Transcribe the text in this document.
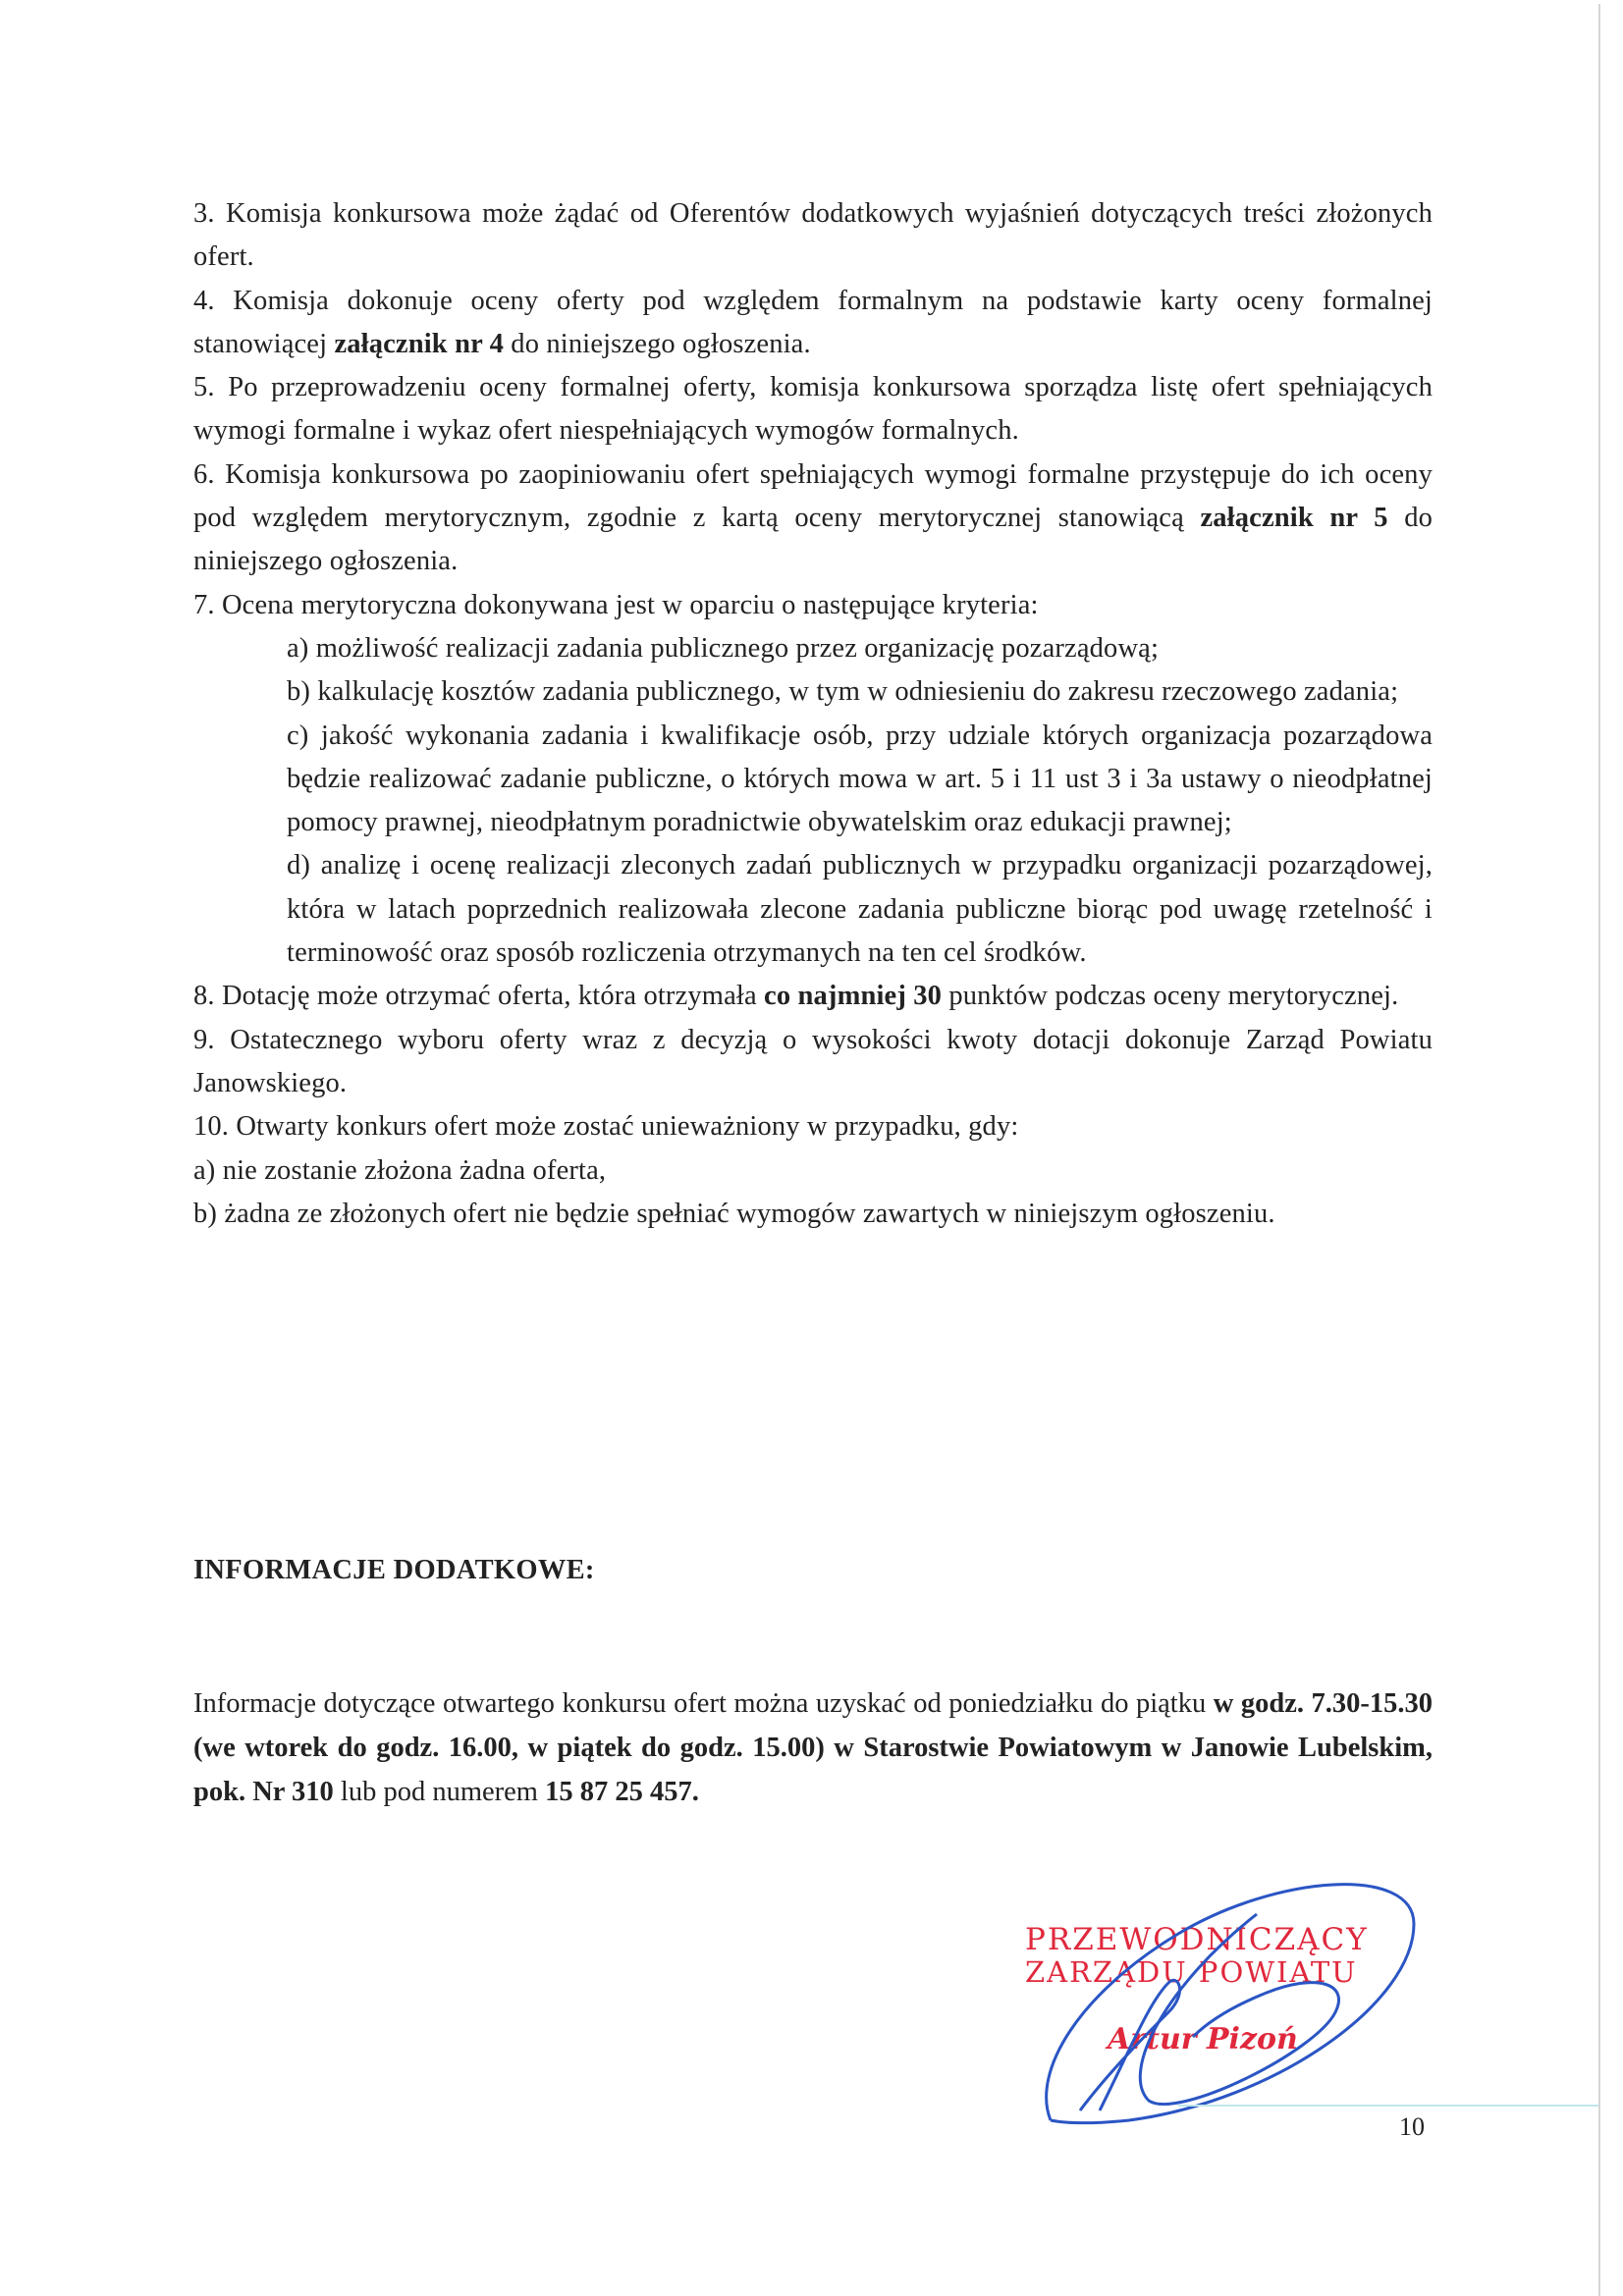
3. Komisja konkursowa może żądać od Oferentów dodatkowych wyjaśnień dotyczących treści złożonych ofert.

4. Komisja dokonuje oceny oferty pod względem formalnym na podstawie karty oceny formalnej stanowiącej załącznik nr 4 do niniejszego ogłoszenia.

5. Po przeprowadzeniu oceny formalnej oferty, komisja konkursowa sporządza listę ofert spełniających wymogi formalne i wykaz ofert niespełniających wymogów formalnych.

6. Komisja konkursowa po zaopiniowaniu ofert spełniających wymogi formalne przystępuje do ich oceny pod względem merytorycznym, zgodnie z kartą oceny merytorycznej stanowiącą załącznik nr 5 do niniejszego ogłoszenia.

7. Ocena merytoryczna dokonywana jest w oparciu o następujące kryteria:

a) możliwość realizacji zadania publicznego przez organizację pozarządową;

b) kalkulację kosztów zadania publicznego, w tym w odniesieniu do zakresu rzeczowego zadania;

c) jakość wykonania zadania i kwalifikacje osób, przy udziale których organizacja pozarządowa będzie realizować zadanie publiczne, o których mowa w art. 5 i 11 ust 3 i 3a ustawy o nieodpłatnej pomocy prawnej, nieodpłatnym poradnictwie obywatelskim oraz edukacji prawnej;

d) analizę i ocenę realizacji zleconych zadań publicznych w przypadku organizacji pozarządowej, która w latach poprzednich realizowała zlecone zadania publiczne biorąc pod uwagę rzetelność i terminowość oraz sposób rozliczenia otrzymanych na ten cel środków.

8. Dotację może otrzymać oferta, która otrzymała co najmniej 30 punktów podczas oceny merytorycznej.

9. Ostatecznego wyboru oferty wraz z decyzją o wysokości kwoty dotacji dokonuje Zarząd Powiatu Janowskiego.

10. Otwarty konkurs ofert może zostać unieważniony w przypadku, gdy:

a) nie zostanie złożona żadna oferta,

b) żadna ze złożonych ofert nie będzie spełniać wymogów zawartych w niniejszym ogłoszeniu.

INFORMACJE DODATKOWE:

Informacje dotyczące otwartego konkursu ofert można uzyskać od poniedziałku do piątku w godz. 7.30-15.30 (we wtorek do godz. 16.00, w piątek do godz. 15.00) w Starostwie Powiatowym w Janowie Lubelskim, pok. Nr 310 lub pod numerem 15 87 25 457.

PRZEWODNICZĄCY
ZARZĄDU POWIATU
Artur Pizoń
10
